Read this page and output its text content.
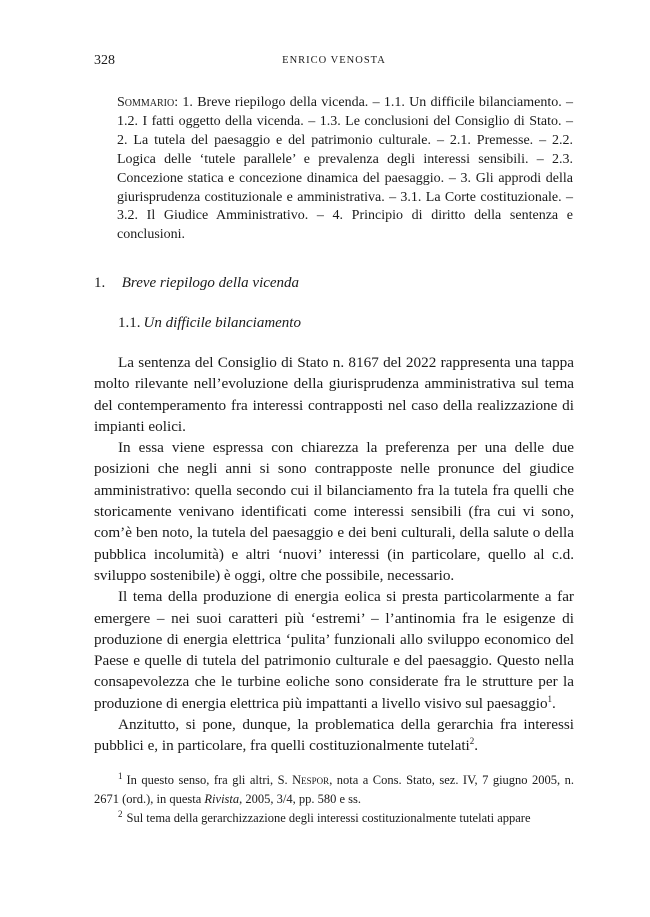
328	ENRICO VENOSTA
Sommario: 1. Breve riepilogo della vicenda. – 1.1. Un difficile bilanciamento. – 1.2. I fatti oggetto della vicenda. – 1.3. Le conclusioni del Consiglio di Stato. – 2. La tutela del paesaggio e del patrimonio culturale. – 2.1. Premesse. – 2.2. Logica delle ‘tutele parallele’ e prevalenza degli interessi sensibili. – 2.3. Concezione statica e concezione dinamica del paesaggio. – 3. Gli approdi della giurisprudenza costituzionale e amministrativa. – 3.1. La Corte costituzionale. – 3.2. Il Giudice Amministrativo. – 4. Principio di diritto della sentenza e conclusioni.
1. Breve riepilogo della vicenda
1.1. Un difficile bilanciamento

La sentenza del Consiglio di Stato n. 8167 del 2022 rappresenta una tappa molto rilevante nell’evoluzione della giurisprudenza amministrativa sul tema del contemperamento fra interessi contrapposti nel caso della realizzazione di impianti eolici.

In essa viene espressa con chiarezza la preferenza per una delle due posizioni che negli anni si sono contrapposte nelle pronunce del giudice amministrativo: quella secondo cui il bilanciamento fra la tutela fra quelli che storicamente venivano identificati come interessi sensibili (fra cui vi sono, com’è ben noto, la tutela del paesaggio e dei beni culturali, della salute o della pubblica incolumità) e altri ‘nuovi’ interessi (in particolare, quello al c.d. sviluppo sostenibile) è oggi, oltre che possibile, necessario.

Il tema della produzione di energia eolica si presta particolarmente a far emergere – nei suoi caratteri più ‘estremi’ – l’antinomia fra le esigenze di produzione di energia elettrica ‘pulita’ funzionali allo sviluppo economico del Paese e quelle di tutela del patrimonio culturale e del paesaggio. Questo nella consapevolezza che le turbine eoliche sono considerate fra le strutture per la produzione di energia elettrica più impattanti a livello visivo sul paesaggio$^1$.

Anzitutto, si pone, dunque, la problematica della gerarchia fra interessi pubblici e, in particolare, fra quelli costituzionalmente tutelati$^2$.

$^1$ In questo senso, fra gli altri, S. Nespor, nota a Cons. Stato, sez. IV, 7 giugno 2005, n. 2671 (ord.), in questa Rivista, 2005, 3/4, pp. 580 e ss.

$^2$ Sul tema della gerarchizzazione degli interessi costituzionalmente tutelati appare
